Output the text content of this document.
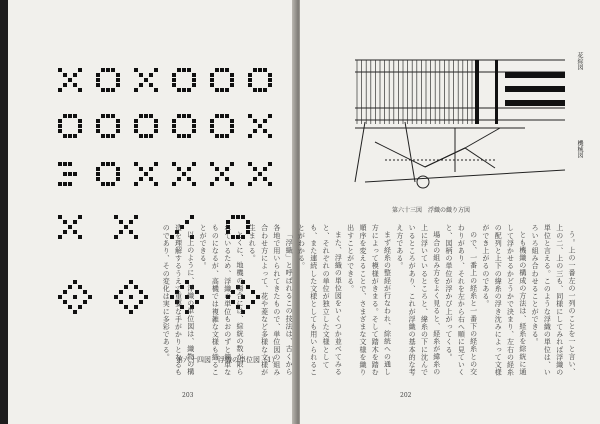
第六十四図　浮織の単位図（1）
203
花綜図
機械図
第六十三図　浮織の織り方図

う。上の一番左の一列のことを一と言い、上の二、上の三も、同様にしてみれば浮織の単位と言える。このような浮織の単位は、いろいろ組み合わせることができる。

とも機織の構成の方法は、経糸を綜絖に通して浮かせるかどうかで決まり、左右の経糸の配列と上下の緯糸の浮き沈みによって文様ができ上がるのである。

ので、一番上の経糸と一番下の経糸との交わりがあり、それを左から右へ順に見ていくと、図柄の単位が浮かび上がってくる。

場合の組み方をよく見ると、経糸が緯糸の上に浮いているところと、緯糸の下に沈んでいるところがあり、これが浮織の基本的な考え方である。

まず経糸の整経が行なわれ、綜絖への通し方によって模様がきまる。そして踏木を踏む順序を変えることで、さまざまな文様を織り出すことができる。

また、浮織の単位図をいくつか並べてみると、それぞれの単位が独立した文様としても、また連続した文様としても用いられることがわかる。

「浮織」と呼ばれるこの技法は、古くから各地で用いられてきたもので、単位図の組み合わせ方によって、花や菱など多様な文様が生まれる。

とくに、地機の場合には、綜絖の数が限られているため、浮織の単位もおのずと簡単なものになるが、高機では複雑な文様も織ることができる。

以上のように、浮織の単位図は、織物の構造を理解するうえで重要な手がかりとなるものであり、その変化は実に多彩である。

202
